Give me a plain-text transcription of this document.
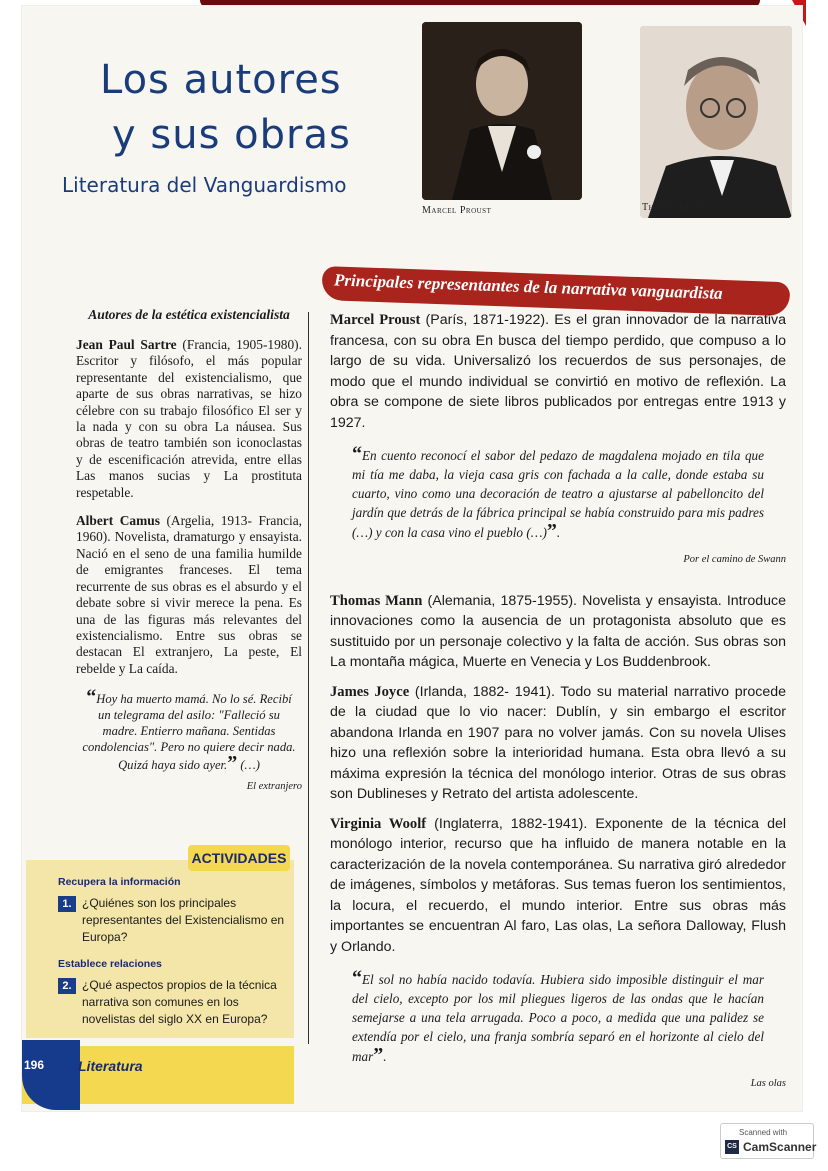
Los autores
y sus obras
Literatura del Vanguardismo
Marcel Proust	Thomas Mann
Principales representantes de la narrativa vanguardista
Autores de la estética existencialista
Jean Paul Sartre (Francia, 1905-1980). Escritor y filósofo, el más popular representante del existencialismo, que aparte de sus obras narrativas, se hizo célebre con su trabajo filosófico El ser y la nada y con su obra La náusea. Sus obras de teatro también son iconoclastas y de escenificación atrevida, entre ellas Las manos sucias y La prostituta respetable.
Albert Camus (Argelia, 1913- Francia, 1960). Novelista, dramaturgo y ensayista. Nació en el seno de una familia humilde de emigrantes franceses. El tema recurrente de sus obras es el absurdo y el debate sobre si vivir merece la pena. Es una de las figuras más relevantes del existencialismo. Entre sus obras se destacan El extranjero, La peste, El rebelde y La caída.
“Hoy ha muerto mamá. No lo sé. Recibí un telegrama del asilo: "Falleció su madre. Entierro mañana. Sentidas condolencias". Pero no quiere decir nada. Quizá haya sido ayer.” (…)
El extranjero
ACTIVIDADES
Recupera la información
1. ¿Quiénes son los principales representantes del Existencialismo en Europa?
Establece relaciones
2. ¿Qué aspectos propios de la técnica narrativa son comunes en los novelistas del siglo XX en Europa?
196 Literatura
Marcel Proust (París, 1871-1922). Es el gran innovador de la narrativa francesa, con su obra En busca del tiempo perdido, que compuso a lo largo de su vida. Universalizó los recuerdos de sus personajes, de modo que el mundo individual se convirtió en motivo de reflexión. La obra se compone de siete libros publicados por entregas entre 1913 y 1927.
“En cuento reconocí el sabor del pedazo de magdalena mojado en tila que mi tía me daba, la vieja casa gris con fachada a la calle, donde estaba su cuarto, vino como una decoración de teatro a ajustarse al pabelloncito del jardín que detrás de la fábrica principal se había construido para mis padres (…) y con la casa vino el pueblo (…)”.
Por el camino de Swann
Thomas Mann (Alemania, 1875-1955). Novelista y ensayista. Introduce innovaciones como la ausencia de un protagonista absoluto que es sustituido por un personaje colectivo y la falta de acción. Sus obras son La montaña mágica, Muerte en Venecia y Los Buddenbrook.
James Joyce (Irlanda, 1882- 1941). Todo su material narrativo procede de la ciudad que lo vio nacer: Dublín, y sin embargo el escritor abandona Irlanda en 1907 para no volver jamás. Con su novela Ulises hizo una reflexión sobre la interioridad humana. Esta obra llevó a su máxima expresión la técnica del monólogo interior. Otras de sus obras son Dublineses y Retrato del artista adolescente.
Virginia Woolf (Inglaterra, 1882-1941). Exponente de la técnica del monólogo interior, recurso que ha influido de manera notable en la caracterización de la novela contemporánea. Su narrativa giró alrededor de imágenes, símbolos y metáforas. Sus temas fueron los sentimientos, la locura, el recuerdo, el mundo interior. Entre sus obras más importantes se encuentran Al faro, Las olas, La señora Dalloway, Flush y Orlando.
“El sol no había nacido todavía. Hubiera sido imposible distinguir el mar del cielo, excepto por los mil pliegues ligeros de las ondas que le hacían semejarse a una tela arrugada. Poco a poco, a medida que una palidez se extendía por el cielo, una franja sombría separó en el horizonte al cielo del mar”.
Las olas
Scanned with
CS CamScanner
